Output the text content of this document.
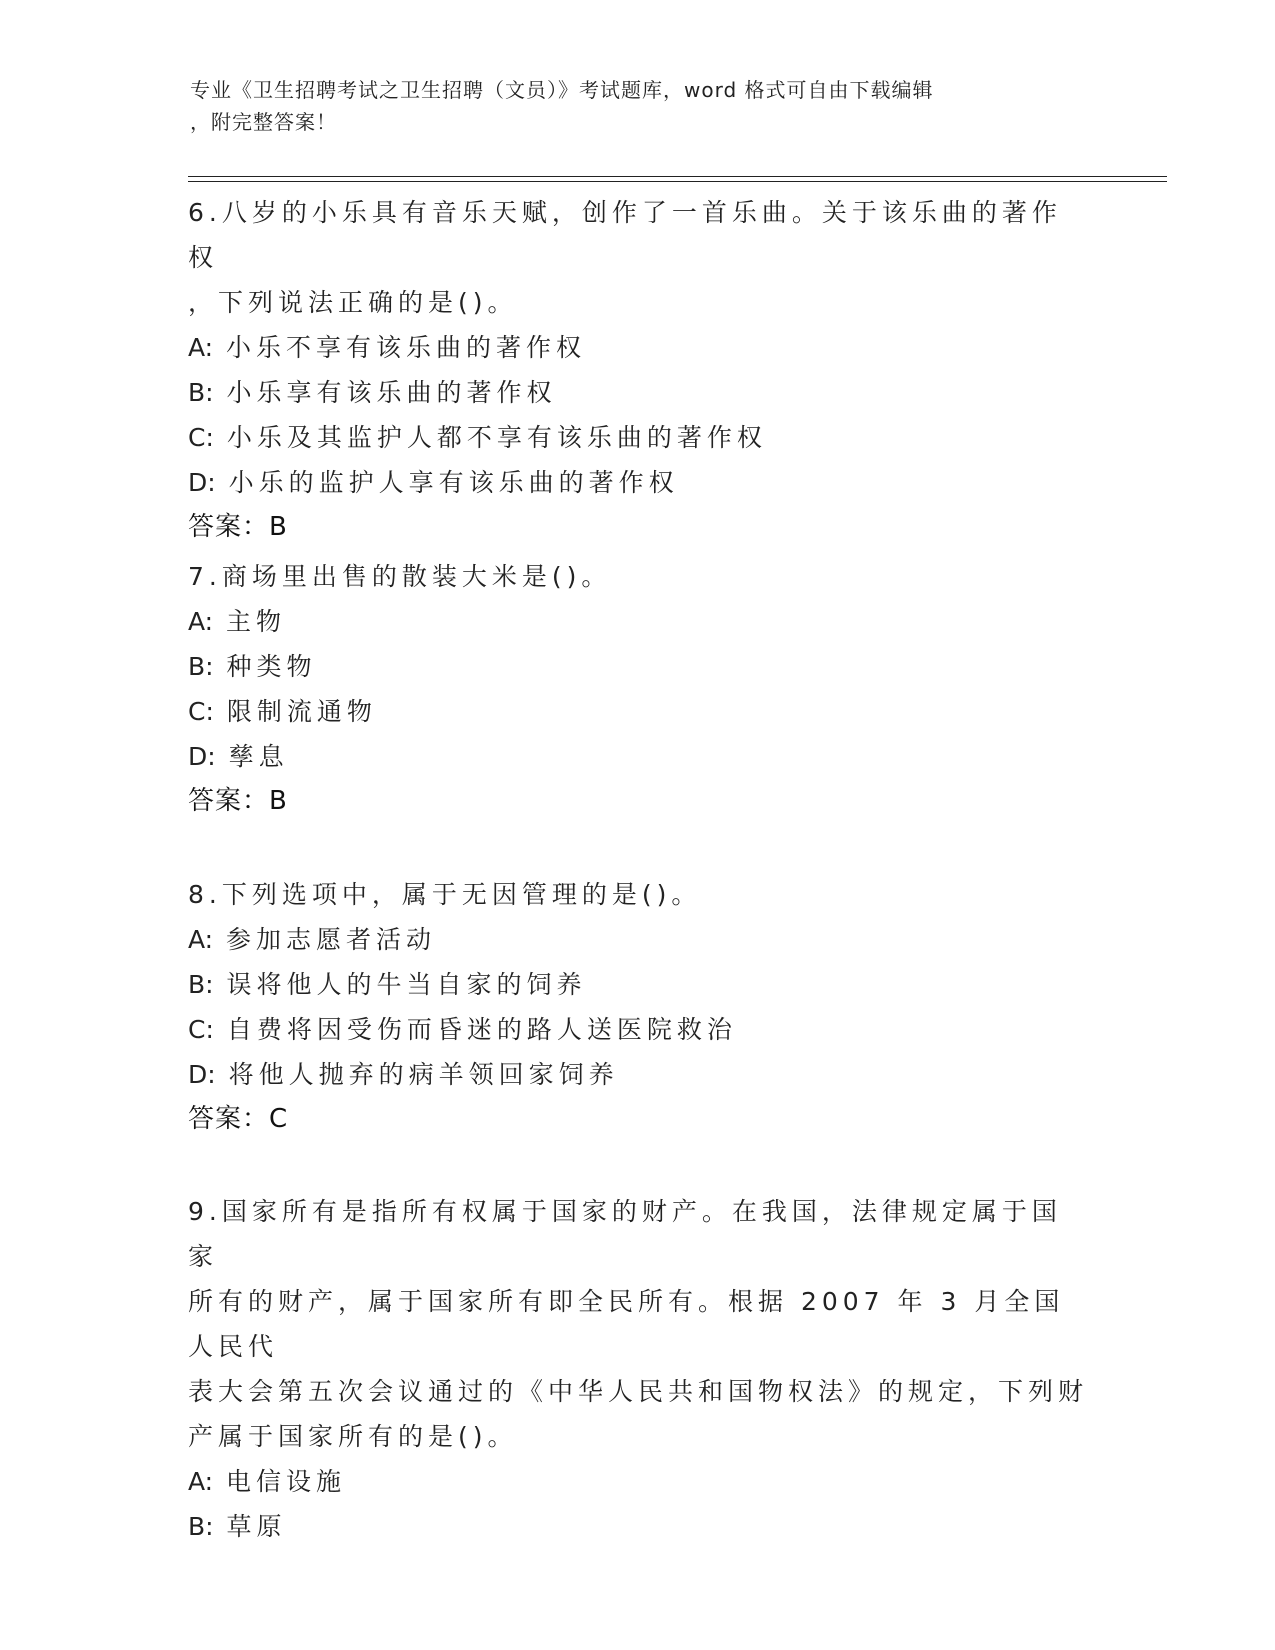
专业《卫生招聘考试之卫生招聘（文员）》考试题库，word 格式可自由下载编辑
，附完整答案！

6.八岁的小乐具有音乐天赋，创作了一首乐曲。关于该乐曲的著作权

，下列说法正确的是()。

A: 小乐不享有该乐曲的著作权

B: 小乐享有该乐曲的著作权

C: 小乐及其监护人都不享有该乐曲的著作权

D: 小乐的监护人享有该乐曲的著作权

答案：B

7.商场里出售的散装大米是()。

A: 主物

B: 种类物

C: 限制流通物

D: 孳息

答案：B

8.下列选项中，属于无因管理的是()。

A: 参加志愿者活动

B: 误将他人的牛当自家的饲养

C: 自费将因受伤而昏迷的路人送医院救治

D: 将他人抛弃的病羊领回家饲养

答案：C

9.国家所有是指所有权属于国家的财产。在我国，法律规定属于国家

所有的财产，属于国家所有即全民所有。根据 2007 年 3 月全国人民代

表大会第五次会议通过的《中华人民共和国物权法》的规定，下列财

产属于国家所有的是()。

A: 电信设施

B: 草原
